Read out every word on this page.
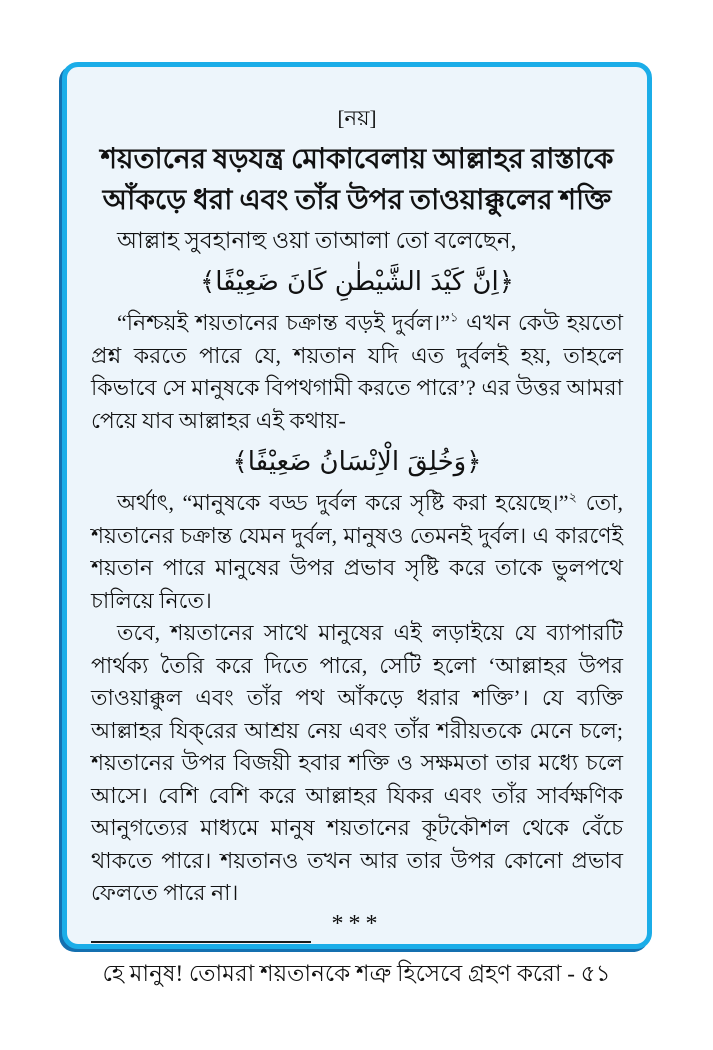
[নয়]
শয়তানের ষড়যন্ত্র মোকাবেলায় আল্লাহর রাস্তাকে
আঁকড়ে ধরা এবং তাঁর উপর তাওয়াক্কুলের শক্তি

আল্লাহ সুবহানাহু ওয়া তাআলা তো বলেছেন,

﴿اِنَّ كَيْدَ الشَّيْطٰنِ كَانَ ضَعِيْفًا﴾

“নিশ্চয়ই শয়তানের চক্রান্ত বড়ই দুর্বল।”$^১$ এখন কেউ হয়তো প্রশ্ন করতে পারে যে, শয়তান যদি এত দুর্বলই হয়, তাহলে কিভাবে সে মানুষকে বিপথগামী করতে পারে’? এর উত্তর আমরা পেয়ে যাব আল্লাহর এই কথায়-

﴿وَخُلِقَ الْاِنْسَانُ ضَعِيْفًا﴾

অর্থাৎ, “মানুষকে বড্ড দুর্বল করে সৃষ্টি করা হয়েছে।”$^২$ তো, শয়তানের চক্রান্ত যেমন দুর্বল, মানুষও তেমনই দুর্বল। এ কারণেই শয়তান পারে মানুষের উপর প্রভাব সৃষ্টি করে তাকে ভুলপথে চালিয়ে নিতে।

তবে, শয়তানের সাথে মানুষের এই লড়াইয়ে যে ব্যাপারটি পার্থক্য তৈরি করে দিতে পারে, সেটি হলো ‘আল্লাহর উপর তাওয়াক্কুল এবং তাঁর পথ আঁকড়ে ধরার শক্তি’। যে ব্যক্তি আল্লাহর যিক্‌রের আশ্রয় নেয় এবং তাঁর শরীয়তকে মেনে চলে; শয়তানের উপর বিজয়ী হবার শক্তি ও সক্ষমতা তার মধ্যে চলে আসে। বেশি বেশি করে আল্লাহর যিকর এবং তাঁর সার্বক্ষণিক আনুগত্যের মাধ্যমে মানুষ শয়তানের কূটকৌশল থেকে বেঁচে থাকতে পারে। শয়তানও তখন আর তার উপর কোনো প্রভাব ফেলতে পারে না।

***
হে মানুষ! তোমরা শয়তানকে শত্রু হিসেবে গ্রহণ করো - ৫১
